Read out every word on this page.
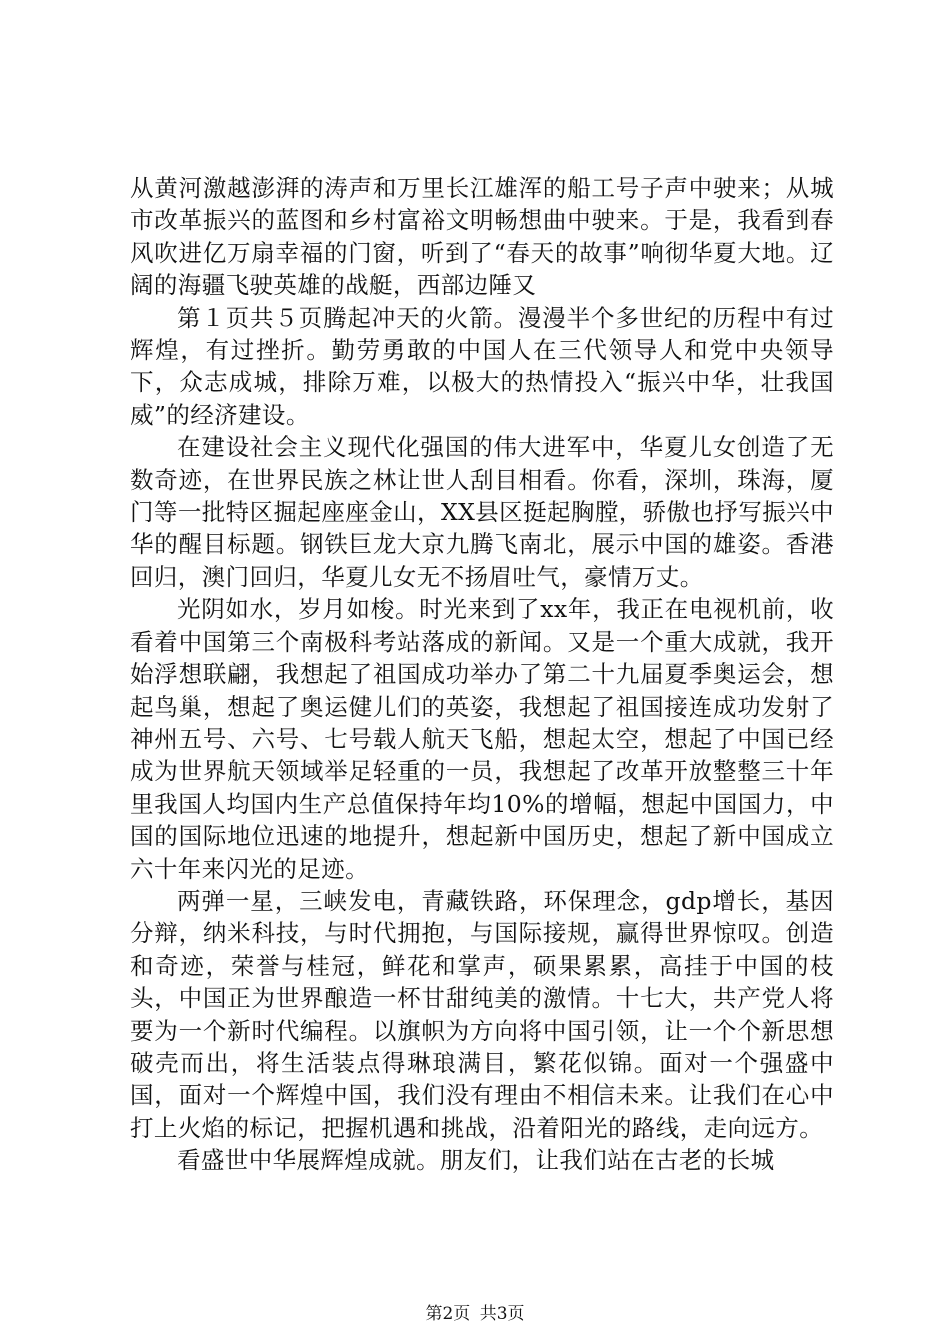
从黄河激越澎湃的涛声和万里长江雄浑的船工号子声中驶来；从城市改革振兴的蓝图和乡村富裕文明畅想曲中驶来。于是，我看到春风吹进亿万扇幸福的门窗，听到了“春天的故事”响彻华夏大地。辽阔的海疆飞驶英雄的战艇，西部边陲又

第１页共５页腾起冲天的火箭。漫漫半个多世纪的历程中有过辉煌，有过挫折。勤劳勇敢的中国人在三代领导人和党中央领导下，众志成城，排除万难，以极大的热情投入“振兴中华，壮我国威”的经济建设。

在建设社会主义现代化强国的伟大进军中，华夏儿女创造了无数奇迹，在世界民族之林让世人刮目相看。你看，深圳，珠海，厦门等一批特区掘起座座金山，XX县区挺起胸膛，骄傲也抒写振兴中华的醒目标题。钢铁巨龙大京九腾飞南北，展示中国的雄姿。香港回归，澳门回归，华夏儿女无不扬眉吐气，豪情万丈。

光阴如水，岁月如梭。时光来到了xx年，我正在电视机前，收看着中国第三个南极科考站落成的新闻。又是一个重大成就，我开始浮想联翩，我想起了祖国成功举办了第二十九届夏季奥运会，想起鸟巢，想起了奥运健儿们的英姿，我想起了祖国接连成功发射了神州五号、六号、七号载人航天飞船，想起太空，想起了中国已经成为世界航天领域举足轻重的一员，我想起了改革开放整整三十年里我国人均国内生产总值保持年均10%的增幅，想起中国国力，中国的国际地位迅速的地提升，想起新中国历史，想起了新中国成立六十年来闪光的足迹。

两弹一星，三峡发电，青藏铁路，环保理念，gdp增长，基因分辩，纳米科技，与时代拥抱，与国际接规，赢得世界惊叹。创造和奇迹，荣誉与桂冠，鲜花和掌声，硕果累累，高挂于中国的枝头，中国正为世界酿造一杯甘甜纯美的激情。十七大，共产党人将要为一个新时代编程。以旗帜为方向将中国引领，让一个个新思想破壳而出，将生活装点得琳琅满目，繁花似锦。面对一个强盛中国，面对一个辉煌中国，我们没有理由不相信未来。让我们在心中打上火焰的标记，把握机遇和挑战，沿着阳光的路线，走向远方。

看盛世中华展辉煌成就。朋友们，让我们站在古老的长城

第2页 共3页
